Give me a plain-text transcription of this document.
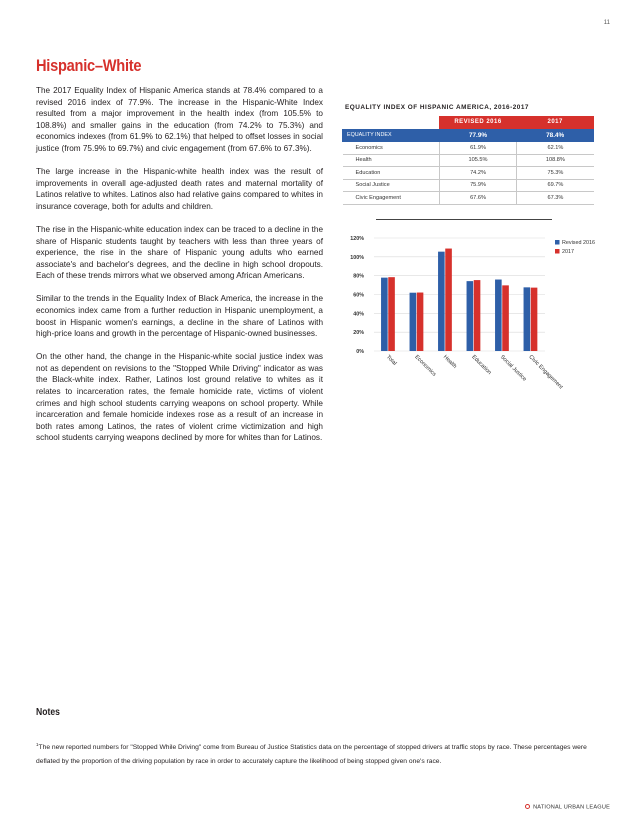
11
Hispanic–White

The 2017 Equality Index of Hispanic America stands at 78.4% compared to a revised 2016 index of 77.9%. The increase in the Hispanic-White Index resulted from a major improvement in the health index (from 105.5% to 108.8%) and smaller gains in the education (from 74.2% to 75.3%) and economics indexes (from 61.9% to 62.1%) that helped to offset losses in social justice (from 75.9% to 69.7%) and civic engagement (from 67.6% to 67.3%).

The large increase in the Hispanic-white health index was the result of improvements in overall age-adjusted death rates and maternal mortality of Latinos relative to whites. Latinos also had relative gains compared to whites in insurance coverage, both for adults and children.

The rise in the Hispanic-white education index can be traced to a decline in the share of Hispanic students taught by teachers with less than three years of experience, the rise in the share of Hispanic young adults who earned associate's and bachelor's degrees, and the decline in high school dropouts. Each of these trends mirrors what we observed among African Americans.

Similar to the trends in the Equality Index of Black America, the increase in the economics index came from a further reduction in Hispanic unemployment, a boost in Hispanic women's earnings, a decline in the share of Latinos with high-price loans and growth in the percentage of Hispanic-owned businesses.

On the other hand, the change in the Hispanic-white social justice index was not as dependent on revisions to the "Stopped While Driving" indicator as was the Black-white index. Rather, Latinos lost ground relative to whites as it relates to incarceration rates, the female homicide rate, victims of violent crimes and high school students carrying weapons on school property. While incarceration and female homicide indexes rose as a result of an increase in both rates among Latinos, the rates of violent crime victimization and high school students carrying weapons declined by more for whites than for Latinos.

EQUALITY INDEX OF HISPANIC AMERICA, 2016-2017
	REVISED 2016	2017
EQUALITY INDEX	77.9%	78.4%
Economics	61.9%	62.1%
Health	105.5%	108.8%
Education	74.2%	75.3%
Social Justice	75.9%	69.7%
Civic Engagement	67.6%	67.3%
0%
20%
40%
60%
80%
100%
120%
Total	Economics Health Education Social Justice Civic Engagement
Revised 2016
2017
Notes
$^1$The new reported numbers for "Stopped While Driving" come from Bureau of Justice Statistics data on the percentage of stopped drivers at traffic stops by race. These percentages were deflated by the proportion of the driving population by race in order to accurately capture the likelihood of being stopped given one's race.
NATIONAL URBAN LEAGUE
